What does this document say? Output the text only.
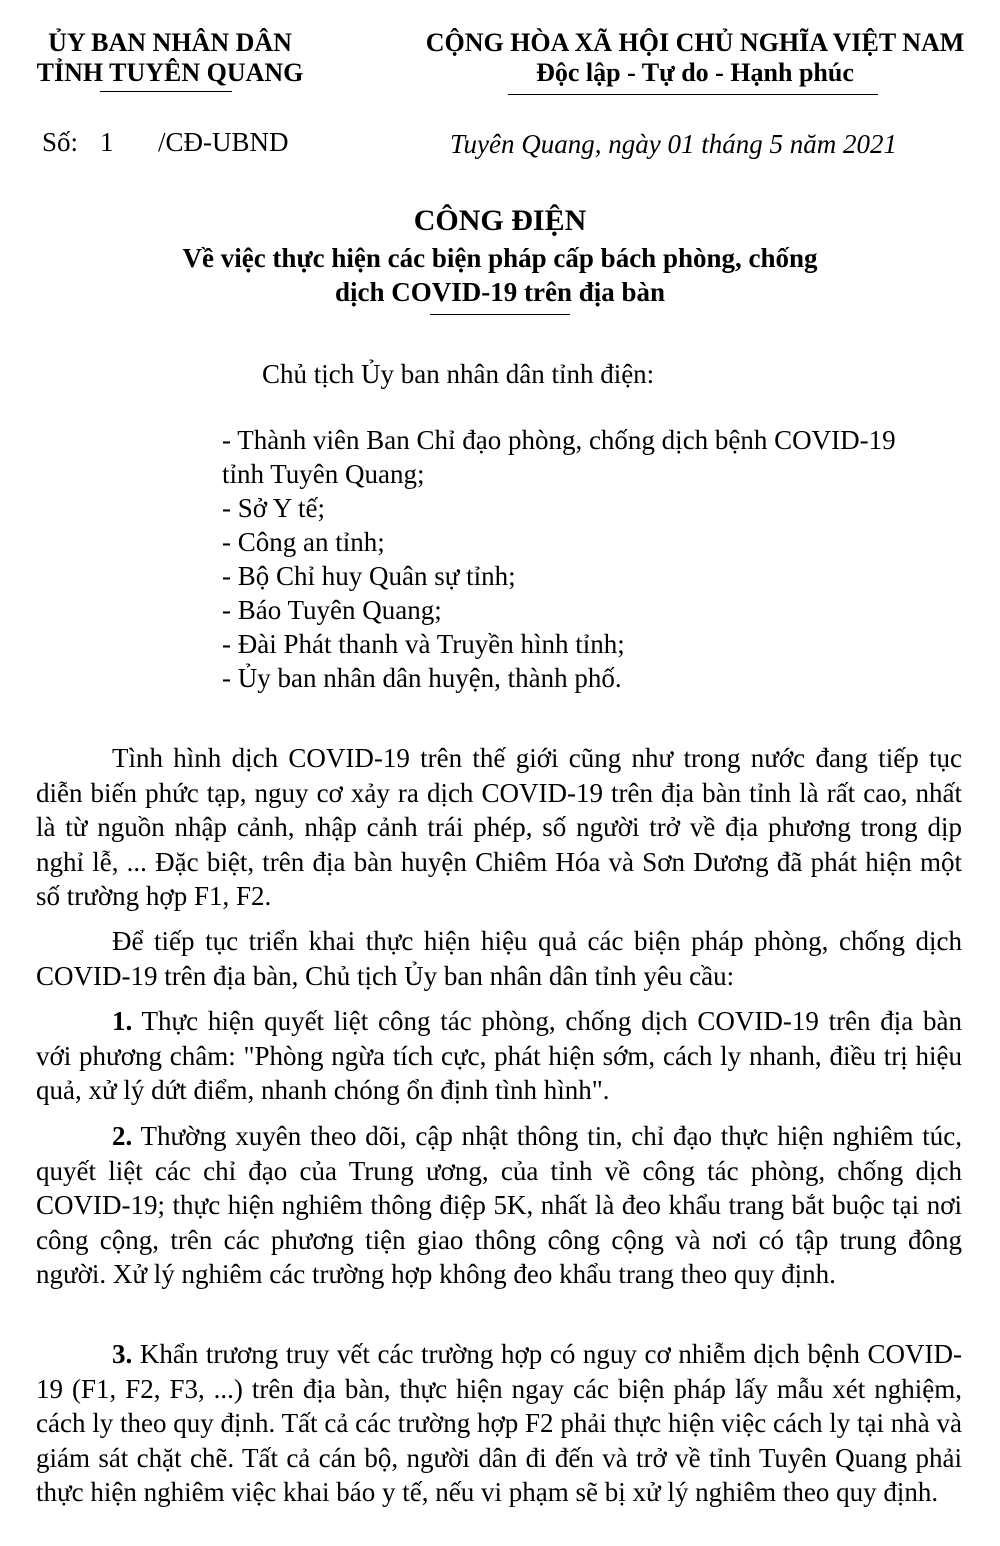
ỦY BAN NHÂN DÂN
TỈNH TUYÊN QUANG
CỘNG HÒA XÃ HỘI CHỦ NGHĨA VIỆT NAM
Độc lập - Tự do - Hạnh phúc
Số: 1 /CĐ-UBND	Tuyên Quang, ngày 01 tháng 5 năm 2021
CÔNG ĐIỆN
Về việc thực hiện các biện pháp cấp bách phòng, chống
dịch COVID-19 trên địa bàn
Chủ tịch Ủy ban nhân dân tỉnh điện:
- Thành viên Ban Chỉ đạo phòng, chống dịch bệnh COVID-19
tỉnh Tuyên Quang;
- Sở Y tế;
- Công an tỉnh;
- Bộ Chỉ huy Quân sự tỉnh;
- Báo Tuyên Quang;
- Đài Phát thanh và Truyền hình tỉnh;
- Ủy ban nhân dân huyện, thành phố.

Tình hình dịch COVID-19 trên thế giới cũng như trong nước đang tiếp tục diễn biến phức tạp, nguy cơ xảy ra dịch COVID-19 trên địa bàn tỉnh là rất cao, nhất là từ nguồn nhập cảnh, nhập cảnh trái phép, số người trở về địa phương trong dịp nghỉ lễ, ... Đặc biệt, trên địa bàn huyện Chiêm Hóa và Sơn Dương đã phát hiện một số trường hợp F1, F2.

Để tiếp tục triển khai thực hiện hiệu quả các biện pháp phòng, chống dịch COVID-19 trên địa bàn, Chủ tịch Ủy ban nhân dân tỉnh yêu cầu:

1. Thực hiện quyết liệt công tác phòng, chống dịch COVID-19 trên địa bàn với phương châm: "Phòng ngừa tích cực, phát hiện sớm, cách ly nhanh, điều trị hiệu quả, xử lý dứt điểm, nhanh chóng ổn định tình hình".

2. Thường xuyên theo dõi, cập nhật thông tin, chỉ đạo thực hiện nghiêm túc, quyết liệt các chỉ đạo của Trung ương, của tỉnh về công tác phòng, chống dịch COVID-19; thực hiện nghiêm thông điệp 5K, nhất là đeo khẩu trang bắt buộc tại nơi công cộng, trên các phương tiện giao thông công cộng và nơi có tập trung đông người. Xử lý nghiêm các trường hợp không đeo khẩu trang theo quy định.

3. Khẩn trương truy vết các trường hợp có nguy cơ nhiễm dịch bệnh COVID-19 (F1, F2, F3, ...) trên địa bàn, thực hiện ngay các biện pháp lấy mẫu xét nghiệm, cách ly theo quy định. Tất cả các trường hợp F2 phải thực hiện việc cách ly tại nhà và giám sát chặt chẽ. Tất cả cán bộ, người dân đi đến và trở về tỉnh Tuyên Quang phải thực hiện nghiêm việc khai báo y tế, nếu vi phạm sẽ bị xử lý nghiêm theo quy định.
